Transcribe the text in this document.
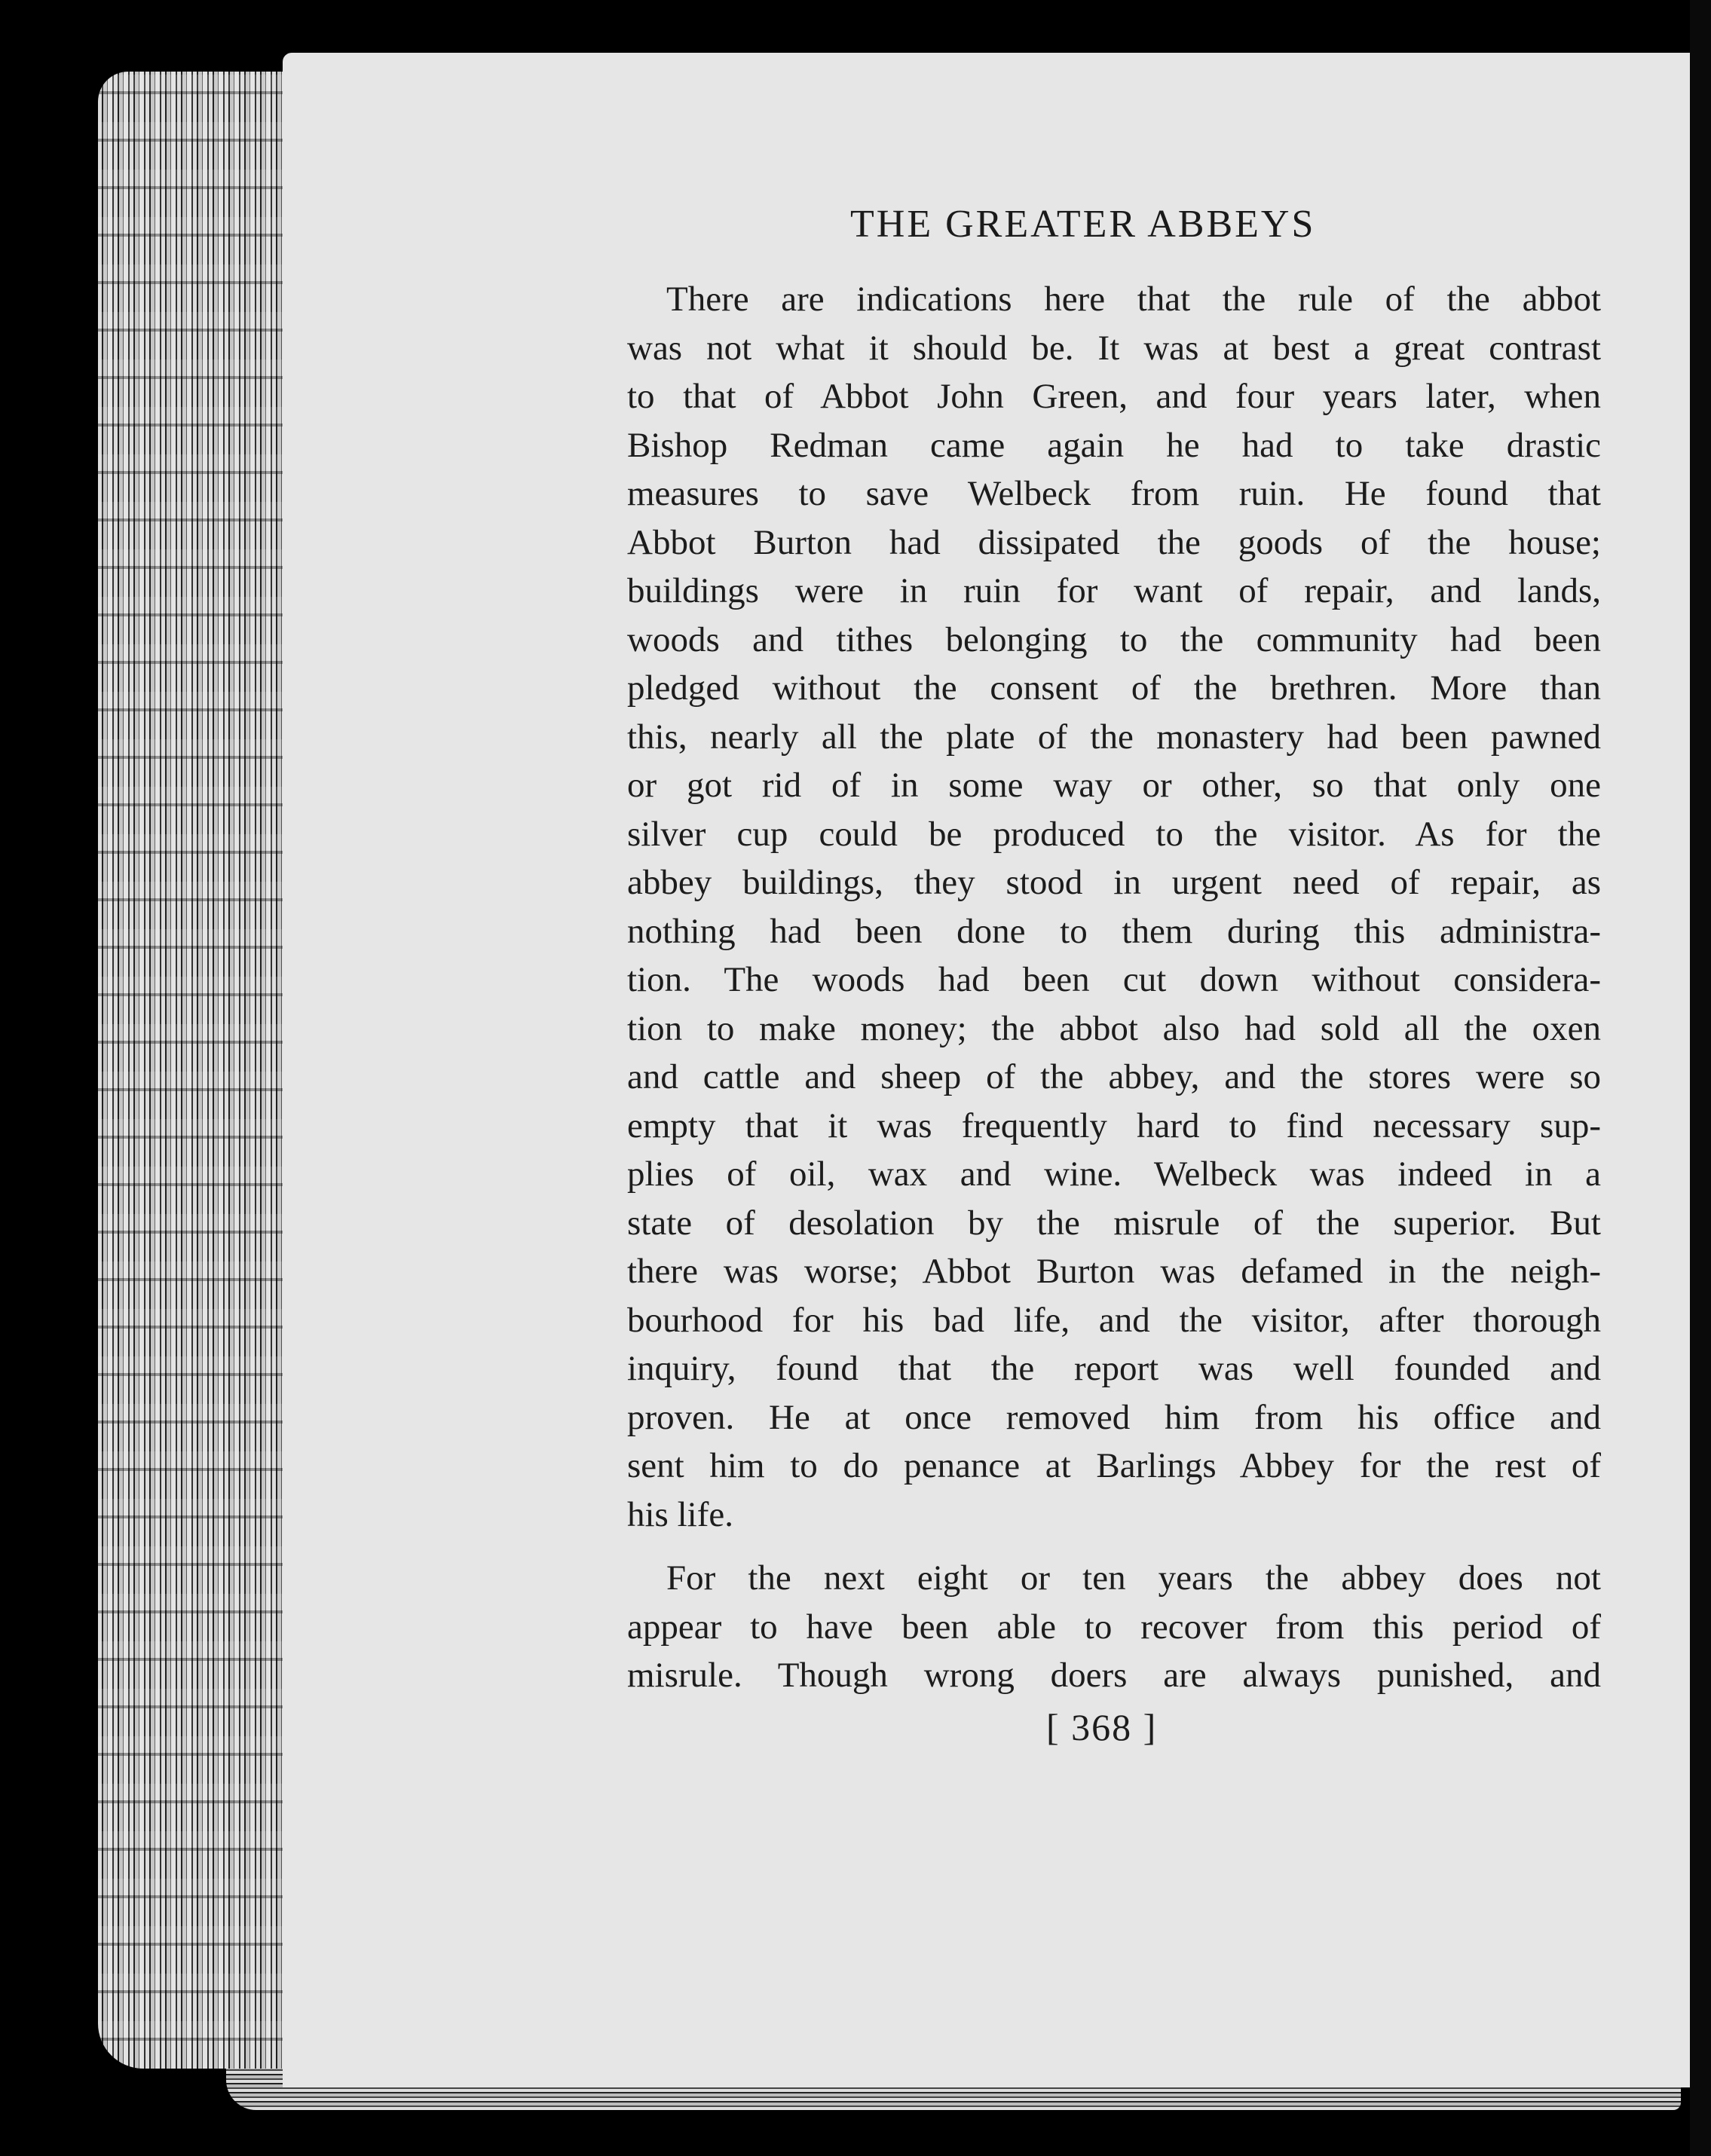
THE GREATER ABBEYS
There are indications here that the rule of the abbot
was not what it should be. It was at best a great contrast
to that of Abbot John Green, and four years later, when
Bishop Redman came again he had to take drastic
measures to save Welbeck from ruin. He found that
Abbot Burton had dissipated the goods of the house;
buildings were in ruin for want of repair, and lands,
woods and tithes belonging to the community had been
pledged without the consent of the brethren. More than
this, nearly all the plate of the monastery had been pawned
or got rid of in some way or other, so that only one
silver cup could be produced to the visitor. As for the
abbey buildings, they stood in urgent need of repair, as
nothing had been done to them during this administra-
tion. The woods had been cut down without considera-
tion to make money; the abbot also had sold all the oxen
and cattle and sheep of the abbey, and the stores were so
empty that it was frequently hard to find necessary sup-
plies of oil, wax and wine. Welbeck was indeed in a
state of desolation by the misrule of the superior. But
there was worse; Abbot Burton was defamed in the neigh-
bourhood for his bad life, and the visitor, after thorough
inquiry, found that the report was well founded and
proven. He at once removed him from his office and
sent him to do penance at Barlings Abbey for the rest of
his life.
For the next eight or ten years the abbey does not
appear to have been able to recover from this period of
misrule. Though wrong doers are always punished, and
[ 368 ]
